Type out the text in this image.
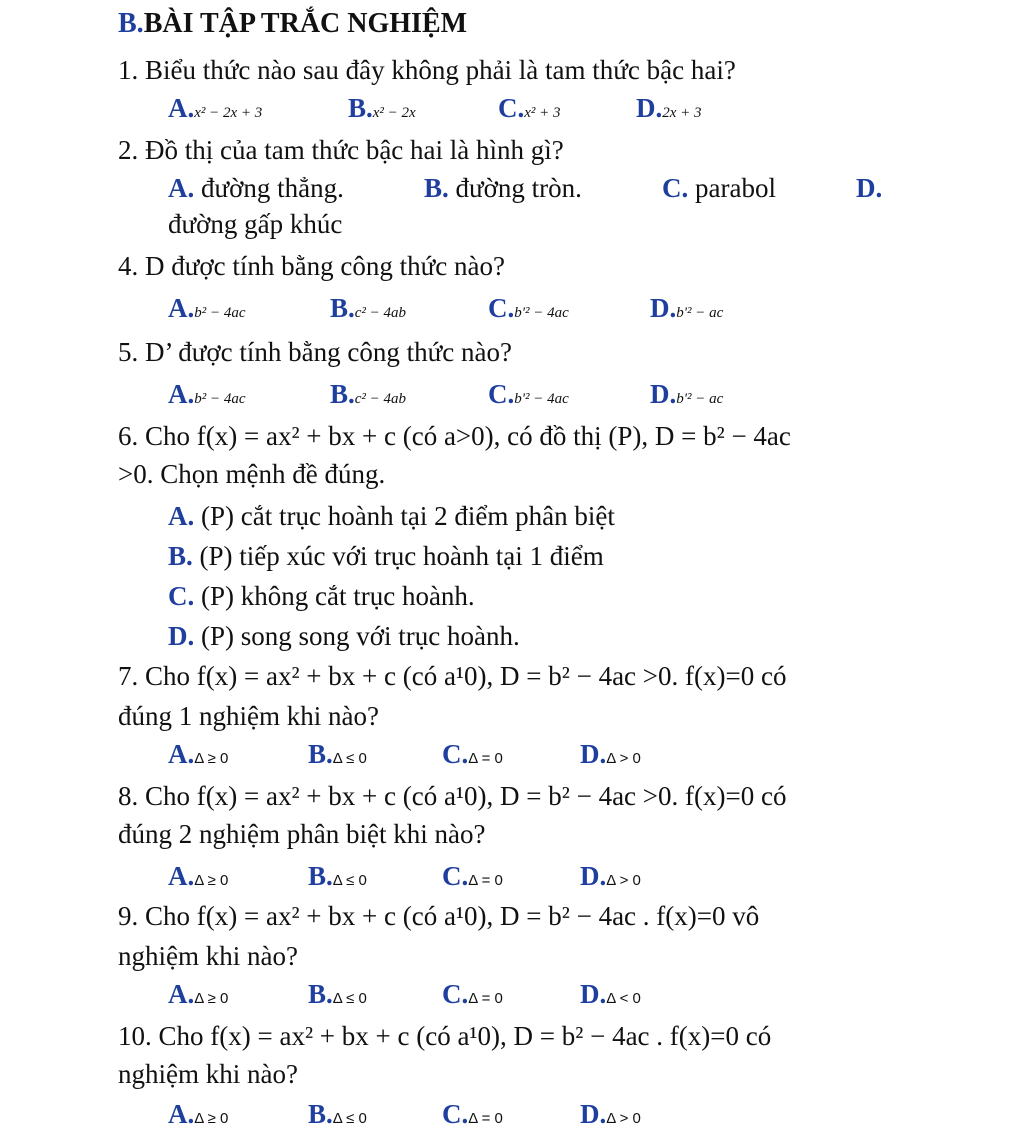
B.BÀI TẬP TRẮC NGHIỆM
1. Biểu thức nào sau đây không phải là tam thức bậc hai?
A.x² − 2x + 3	B.x² − 2x	C.x² + 3	D.2x + 3
2. Đồ thị của tam thức bậc hai là hình gì?
A. đường thẳng.	B. đường tròn.	C. parabol	D.
đường gấp khúc
4. D được tính bằng công thức nào?
A.b² − 4ac	B.c² − 4ab	C.b'² − 4ac	D.b'² − ac
5. D’ được tính bằng công thức nào?
A.b² − 4ac	B.c² − 4ab	C.b'² − 4ac	D.b'² − ac
6. Cho f(x) = ax² + bx + c (có a>0), có đồ thị (P), D = b² − 4ac
>0. Chọn mệnh đề đúng.
A. (P) cắt trục hoành tại 2 điểm phân biệt
B. (P) tiếp xúc với trục hoành tại 1 điểm
C. (P) không cắt trục hoành.
D. (P) song song với trục hoành.
7. Cho f(x) = ax² + bx + c (có a¹0), D = b² − 4ac >0. f(x)=0 có
đúng 1 nghiệm khi nào?
A.Δ ≥ 0	B.Δ ≤ 0	C.Δ = 0	D.Δ > 0
8. Cho f(x) = ax² + bx + c (có a¹0), D = b² − 4ac >0. f(x)=0 có
đúng 2 nghiệm phân biệt khi nào?
A.Δ ≥ 0	B.Δ ≤ 0	C.Δ = 0	D.Δ > 0
9. Cho f(x) = ax² + bx + c (có a¹0), D = b² − 4ac . f(x)=0 vô
nghiệm khi nào?
A.Δ ≥ 0	B.Δ ≤ 0	C.Δ = 0	D.Δ < 0
10. Cho f(x) = ax² + bx + c (có a¹0), D = b² − 4ac . f(x)=0 có
nghiệm khi nào?
A.Δ ≥ 0	B.Δ ≤ 0	C.Δ = 0	D.Δ > 0
